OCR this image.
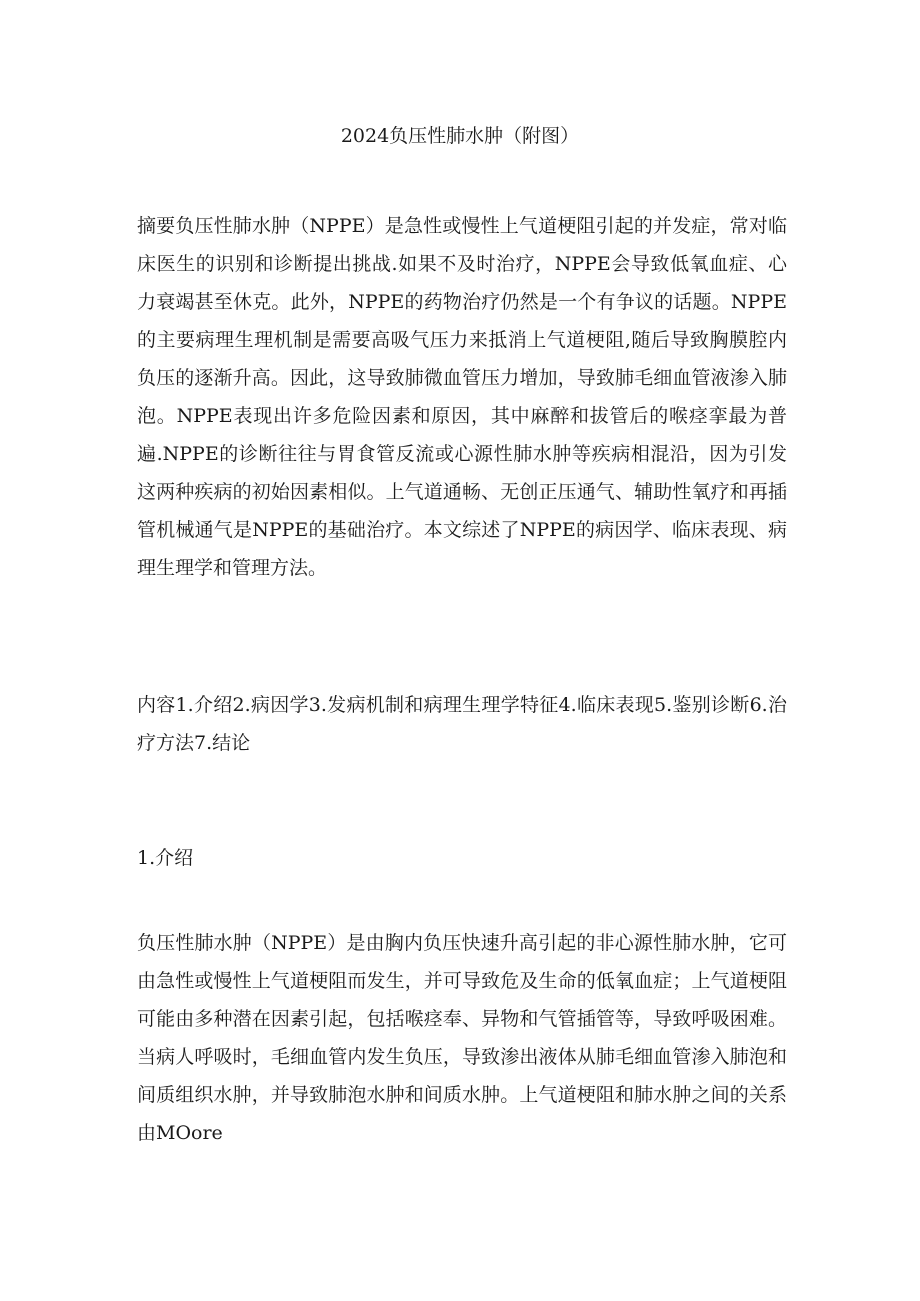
2024负压性肺水肿（附图）

摘要负压性肺水肿（NPPE）是急性或慢性上气道梗阻引起的并发症，常对临床医生的识别和诊断提出挑战.如果不及时治疗，NPPE会导致低氧血症、心力衰竭甚至休克。此外，NPPE的药物治疗仍然是一个有争议的话题。NPPE的主要病理生理机制是需要高吸气压力来抵消上气道梗阻,随后导致胸膜腔内负压的逐渐升高。因此，这导致肺微血管压力增加，导致肺毛细血管液渗入肺泡。NPPE表现出许多危险因素和原因，其中麻醉和拔管后的喉痉挛最为普遍.NPPE的诊断往往与胃食管反流或心源性肺水肿等疾病相混沿，因为引发这两种疾病的初始因素相似。上气道通畅、无创正压通气、辅助性氧疗和再插管机械通气是NPPE的基础治疗。本文综述了NPPE的病因学、临床表现、病理生理学和管理方法。

内容1.介绍2.病因学3.发病机制和病理生理学特征4.临床表现5.鉴别诊断6.治疗方法7.结论

1.介绍

负压性肺水肿（NPPE）是由胸内负压快速升高引起的非心源性肺水肿，它可由急性或慢性上气道梗阻而发生，并可导致危及生命的低氧血症；上气道梗阻可能由多种潜在因素引起，包括喉痉奉、异物和气管插管等，导致呼吸困难。当病人呼吸时，毛细血管内发生负压，导致渗出液体从肺毛细血管渗入肺泡和间质组织水肿，并导致肺泡水肿和间质水肿。上气道梗阻和肺水肿之间的关系由MOore
